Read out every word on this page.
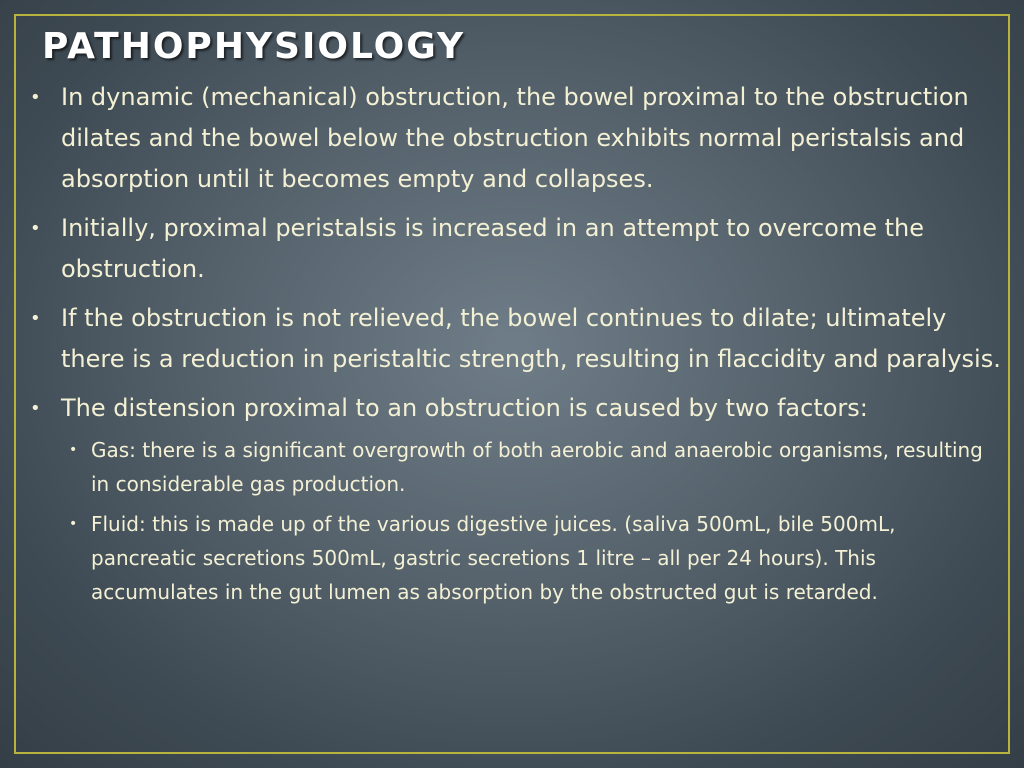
PATHOPHYSIOLOGY
• In dynamic (mechanical) obstruction, the bowel proximal to the obstruction dilates and the bowel below the obstruction exhibits normal peristalsis and absorption until it becomes empty and collapses.
• Initially, proximal peristalsis is increased in an attempt to overcome the obstruction.
• If the obstruction is not relieved, the bowel continues to dilate; ultimately there is a reduction in peristaltic strength, resulting in flaccidity and paralysis.
• The distension proximal to an obstruction is caused by two factors:
• Gas: there is a significant overgrowth of both aerobic and anaerobic organisms, resulting in considerable gas production.
• Fluid: this is made up of the various digestive juices. (saliva 500mL, bile 500mL, pancreatic secretions 500mL, gastric secretions 1 litre – all per 24 hours). This accumulates in the gut lumen as absorption by the obstructed gut is retarded.
